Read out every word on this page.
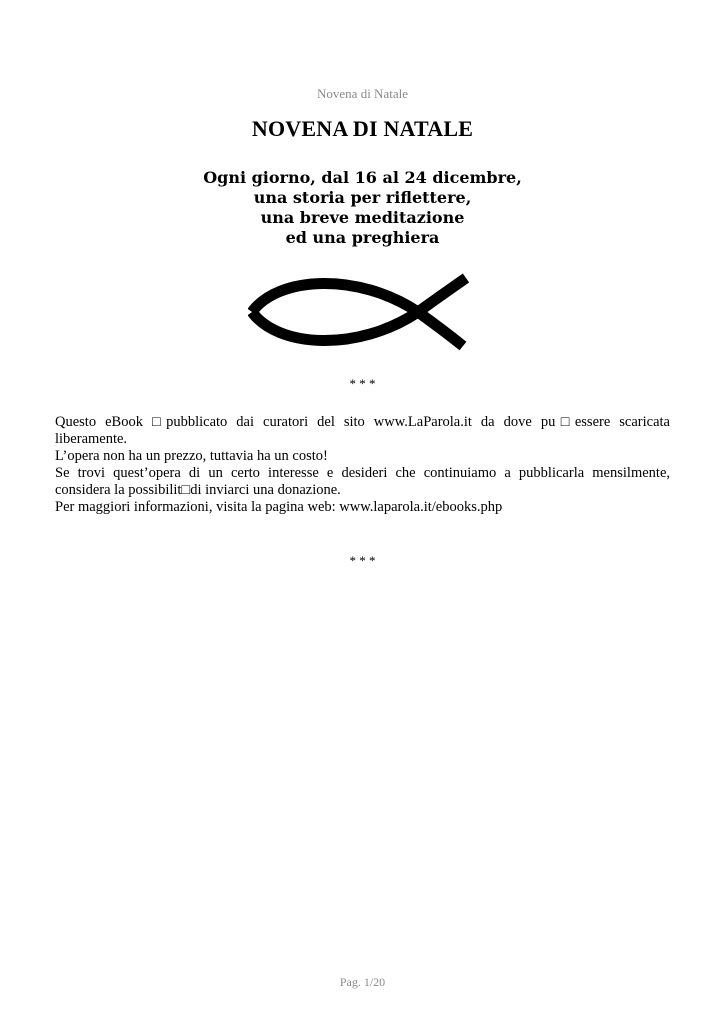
Novena di Natale
NOVENA DI NATALE
Ogni giorno, dal 16 al 24 dicembre,
una storia per riflettere,
una breve meditazione
ed una preghiera
* * *

Questo eBook □pubblicato dai curatori del sito www.LaParola.it da dove pu□essere scaricata liberamente.

L’opera non ha un prezzo, tuttavia ha un costo!

Se trovi quest’opera di un certo interesse e desideri che continuiamo a pubblicarla mensilmente, considera la possibilit□di inviarci una donazione.

Per maggiori informazioni, visita la pagina web: www.laparola.it/ebooks.php

* * *
Pag. 1/20
